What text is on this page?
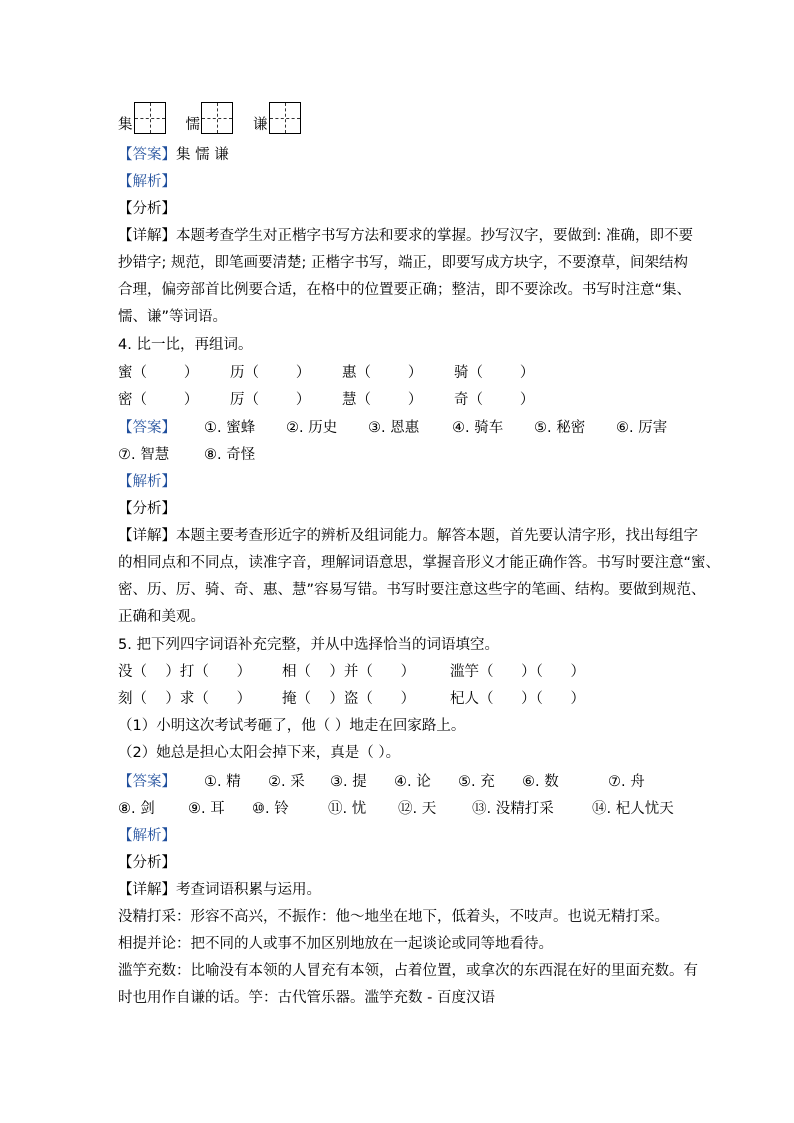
集	懦	谦
【答案】集 懦 谦
【解析】
【分析】
【详解】本题考查学生对正楷字书写方法和要求的掌握。抄写汉字，要做到: 准确，即不要
抄错字; 规范，即笔画要清楚; 正楷字书写，端正，即要写成方块字，不要潦草，间架结构
合理，偏旁部首比例要合适，在格中的位置要正确；整洁，即不要涂改。书写时注意“集、
懦、谦”等词语。
4. 比一比，再组词。
蜜（        ） 历（        ） 惠（        ） 骑（        ）
密（        ） 厉（        ） 慧（        ） 奇（        ）
【答案】 ①. 蜜蜂 ②. 历史 ③. 恩惠 ④. 骑车 ⑤. 秘密 ⑥. 厉害
⑦. 智慧 ⑧. 奇怪
【解析】
【分析】
【详解】本题主要考查形近字的辨析及组词能力。解答本题，首先要认清字形，找出每组字
的相同点和不同点，读准字音，理解词语意思，掌握音形义才能正确作答。书写时要注意“蜜、
密、历、厉、骑、奇、惠、慧”容易写错。书写时要注意这些字的笔画、结构。要做到规范、
正确和美观。
5. 把下列四字词语补充完整，并从中选择恰当的词语填空。
没（    ）打（      ） 相（    ）并（      ） 滥竽（      ）（      ）
刻（    ）求（      ） 掩（    ）盗（      ） 杞人（      ）（      ）
（1）小明这次考试考砸了，他（ ）地走在回家路上。
（2）她总是担心太阳会掉下来，真是（ ）。
【答案】 ①. 精 ②. 采 ③. 提 ④. 论 ⑤. 充 ⑥. 数	⑦. 舟
⑧. 剑 ⑨. 耳 ⑩. 铃	⑪. 忧 ⑫. 天 ⑬. 没精打采	⑭. 杞人忧天
【解析】
【分析】
【详解】考查词语积累与运用。
没精打采：形容不高兴，不振作：他～地坐在地下，低着头，不吱声。也说无精打采。
相提并论：把不同的人或事不加区别地放在一起谈论或同等地看待。
滥竽充数：比喻没有本领的人冒充有本领，占着位置，或拿次的东西混在好的里面充数。有
时也用作自谦的话。竽：古代管乐器。滥竽充数 - 百度汉语
